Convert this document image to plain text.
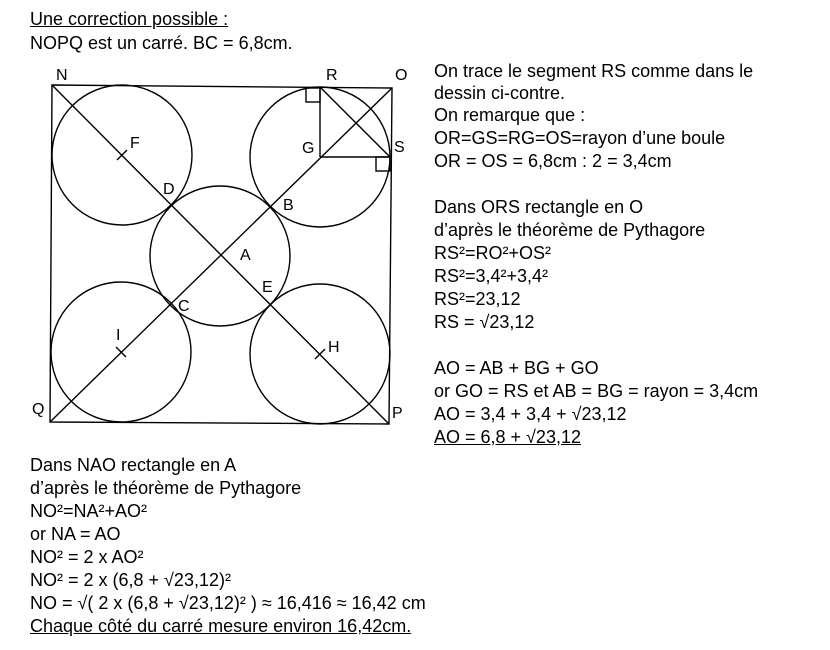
Une correction possible :
NOPQ est un carré. BC = 6,8cm.
N	R	O
F	G	S
D
B
A
E
C
I
H
Q	P
On trace le segment RS comme dans le
dessin ci-contre.
On remarque que :
OR=GS=RG=OS=rayon d’une boule
OR = OS = 6,8cm : 2 = 3,4cm
Dans ORS rectangle en O
d’après le théorème de Pythagore
RS²=RO²+OS²
RS²=3,4²+3,4²
RS²=23,12
RS = √23,12
AO = AB + BG + GO
or GO = RS et AB = BG = rayon = 3,4cm
AO = 3,4 + 3,4 + √23,12
AO = 6,8 + √23,12
Dans NAO rectangle en A
d’après le théorème de Pythagore
NO²=NA²+AO²
or NA = AO
NO² = 2 x AO²
NO² = 2 x (6,8 + √23,12)²
NO = √( 2 x (6,8 + √23,12)² ) ≈ 16,416 ≈ 16,42 cm
Chaque côté du carré mesure environ 16,42cm.
